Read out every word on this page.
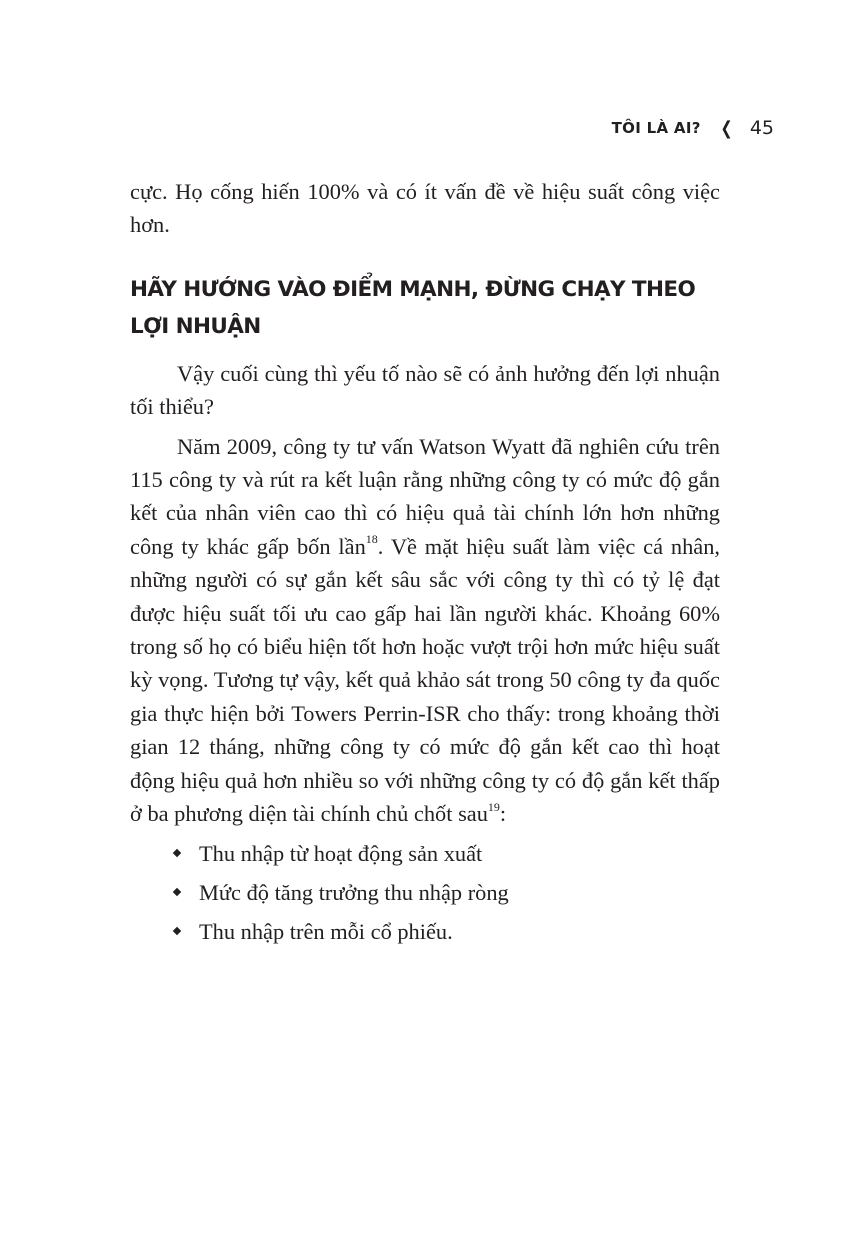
TÔI LÀ AI? ❮ 45

cực. Họ cống hiến 100% và có ít vấn đề về hiệu suất công việc hơn.

HÃY HƯỚNG VÀO ĐIỂM MẠNH, ĐỪNG CHẠY THEO LỢI NHUẬN

Vậy cuối cùng thì yếu tố nào sẽ có ảnh hưởng đến lợi nhuận tối thiểu?

Năm 2009, công ty tư vấn Watson Wyatt đã nghiên cứu trên 115 công ty và rút ra kết luận rằng những công ty có mức độ gắn kết của nhân viên cao thì có hiệu quả tài chính lớn hơn những công ty khác gấp bốn lần$^{18}$. Về mặt hiệu suất làm việc cá nhân, những người có sự gắn kết sâu sắc với công ty thì có tỷ lệ đạt được hiệu suất tối ưu cao gấp hai lần người khác. Khoảng 60% trong số họ có biểu hiện tốt hơn hoặc vượt trội hơn mức hiệu suất kỳ vọng. Tương tự vậy, kết quả khảo sát trong 50 công ty đa quốc gia thực hiện bởi Towers Perrin-ISR cho thấy: trong khoảng thời gian 12 tháng, những công ty có mức độ gắn kết cao thì hoạt động hiệu quả hơn nhiều so với những công ty có độ gắn kết thấp ở ba phương diện tài chính chủ chốt sau$^{19}$:

Thu nhập từ hoạt động sản xuất
Mức độ tăng trưởng thu nhập ròng
Thu nhập trên mỗi cổ phiếu.
